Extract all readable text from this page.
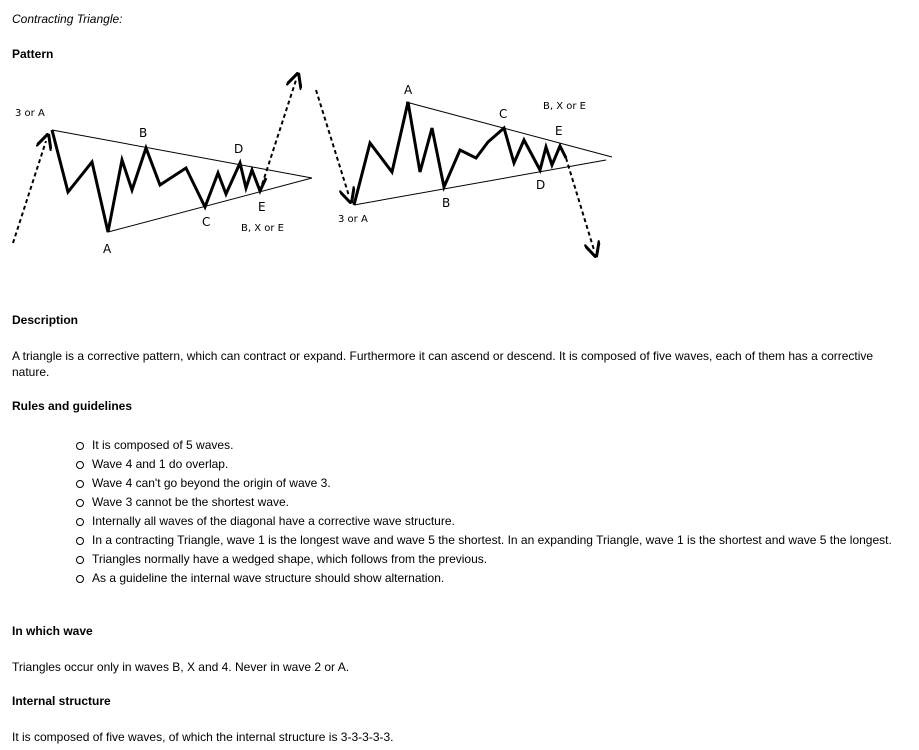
Contracting Triangle:
Pattern
3 or A
A
B
C
D
E
B, X or E
3 or A
A
B
C
D
E
B, X or E
Description
A triangle is a corrective pattern, which can contract or expand. Furthermore it can ascend or descend. It is composed of five waves, each of them has a corrective nature.
Rules and guidelines
It is composed of 5 waves.
Wave 4 and 1 do overlap.
Wave 4 can't go beyond the origin of wave 3.
Wave 3 cannot be the shortest wave.
Internally all waves of the diagonal have a corrective wave structure.
In a contracting Triangle, wave 1 is the longest wave and wave 5 the shortest. In an expanding Triangle, wave 1 is the shortest and wave 5 the longest.
Triangles normally have a wedged shape, which follows from the previous.
As a guideline the internal wave structure should show alternation.
In which wave
Triangles occur only in waves B, X and 4. Never in wave 2 or A.
Internal structure
It is composed of five waves, of which the internal structure is 3-3-3-3-3.
